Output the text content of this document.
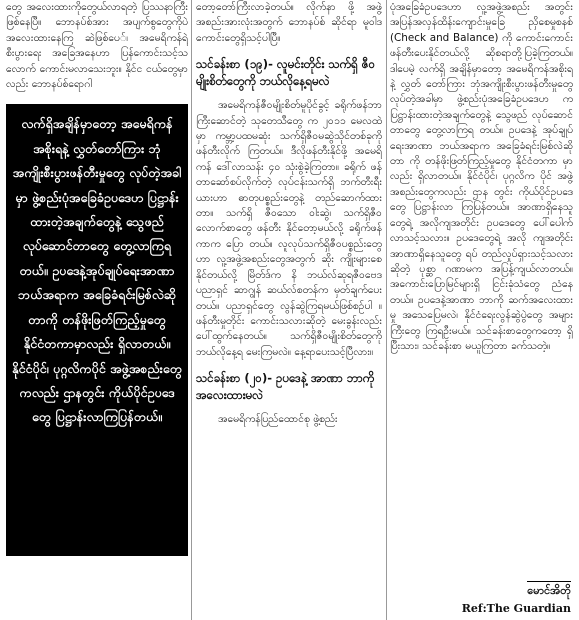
တွေ အလေးထားကိုတွေယ်လာရတဲ့ ပြဿနာကြီးဖြစ်နေပြီ။ ဘောနပ်စ်အား အပျက်စွတွေကိုပဲ အလေးထားနေကြ ဆဲဖြစ်ပေ်၊ အမေရိကန်ရဲ့ စီးပွားရေး အခြေအနေဟာ ပြန်ကောင်းသင့်သ လောက် ကောင်းမလာသေးဘူး။ နိုင်င ငယ်တွေမှာလည်း ဘောနပ်စ်ရောဂါ

လက်ရှိအချိန်မှာတော့ အမေရိကန်အစိုးရနဲ့ လွှတ်တော်ကြား ဘုံအကျိုးစီးပွားဖန်တီးမှုတွေ လုပ်တဲ့အခါမှာ ဖွဲ့စည်းပုံအခြေခံဥပဒေဟ ပြဋ္ဌာန်းထားတဲ့အချက်တွေနဲ့ သွေဖည်လုပ်ဆောင်တာတွေ တွေ့လာကြရတယ်။ ဥပဒေနဲ့အုပ်ချုပ်ရေးအာဏာ ဘယ်အရာက အခြေခံရင်းမြစ်လဲဆိုတာကို တန်ဖိုးဖြတ်ကြည့်မှုတွေ နိုင်ငံတကာမှာလည်း ရှိလာတယ်။ နိုင်ငံပိုင်၊ ပုဂ္ဂလိကပိုင် အဖွဲ့အစည်းတွေကလည်း ဌာနတွင်း ကိုယ်ပိုင်ဥပဒေတွေ ပြဋ္ဌာန်းလာကြပြန်တယ်။

တော့တော်ကြီးလာခဲ့တယ်။ လိုက်နာ ဖို့ အဖွဲ့အစည်းအားလုံးအတွက် ဘောနပ်စ် ဆိုင်ရာ မူဝါဒကောင်းတွေရှိသင့်ပါပြီ။

သင်ခန်းစာ (၁၉)- လူမင်းတိုင်း သက်ရှိ ဇီဝမျိုးစိတ်တွေကို ဘယ်လိုနေ့ရမလဲ

အမေရိကန်ဇီဝမျိုးစိတ်မူပိုင်ခွင့် ခရိုက်ဖန်ဘာကြီးဆောင်တဲ့ သုတေသီတွေ က ၂၀၁၁ မေလထဲမှာ ကမ္ဘာ့ပထမဆုံး သက်ရှိဇီဝမဆွဲသိုင်တစ်ခုကို ဖန်တီးလိုက် ကြတယ်။ ဒီလိုဖန်တီးနိုင်ဖို့ အမေရိကန် ဒေါ်လာသန်း ၄၀ သုံးစွဲခဲ့ကြတာ။ ခရိုက် ဖန်တာဆော်စပ်လိုက်တဲ့ လုပ်ငန်းသက်ရှိ ဘက်တီးရီးယားဟာ ဓာတုပစ္စည်းတွေနဲ့ တည်ဆောက်ထားတာ။ သက်ရှိ ဇီဝသော ဝါးဆွဲ၊ သက်ရှိဇီဝလောက်စာတွေ ဖန်တီး နိုင်တော့မယ်လို့ ခရိုက်ဖန်ကာက ပြော တယ်။ လူလုပ်သက်ရှိဇီဝပစ္စည်းတွေ ဟာ လူ့အဖွဲ့အစည်းတွေအတွက် ဆိုး ကျိုးများစေနိုင်တယ်လို့ မြိတ်ဒ်က နိ ဘယ်လ်ဆုရဇီဝဗေဒပညာရှင် ဆာဂျွန် ဆယ်လ်စတန်က မှတ်ချက်ပေးတယ်။ ပညာရှင်တွေ လွန်ဆွဲကြရမယ်ဖြစ်စဉ်ပါ ။ ဖန်တီးမှုတိုင်း ကောင်းသလားဆိုတဲ့ မေးခွန်းလည်း ပေါ်ထွက်နေတယ်။ သက်ရှိဇီဝမျိုးစိတ်တွေကို ဘယ်လိုနေ့ရ မေးကြမလဲ။ နေ့ရာပေးသင့်ပြီလား။

သင်ခန်းစာ (၂၀)- ဥပဒေနဲ့ အာဏာ ဘာကိုအလေးထားမလဲ

အမေရိကန်ပြည်ထောင်စု ဖွဲ့စည်း

ပုံအခြေခံဥပဒေဟာ လူ့အဖွဲ့အစည်း အတွင်း အပြန်အလှန်ထိန်းကျောင်းမှုခြေ ညှိစေမှုစနစ် (Check and Balance) ကို ကောင်းကောင်းဖန်တီးပေးနိုင်တယ်လို့ ဆိုစရာတို့ပြခဲ့ကြတယ်။ ဒါပေမဲ့ လက်ရှိ အချိန်မှာတော့ အမေရိကန်အစိုးရနဲ့ လွှတ် တော်ကြား ဘုံအကျိုးစီးပွားဖန်တီးမှုတွေ လုပ်တဲ့အခါမှာ ဖွဲ့စည်းပုံအခြေခံဥပဒေဟ က ပြဋ္ဌာန်းထားတဲ့အချက်တွေနဲ့ သွေဖည် လုပ်ဆောင်တာတွေ တွေ့လာကြရ တယ်။ ဥပဒေနဲ့ အုပ်ချုပ်ရေးအာဏာ ဘယ်အရာက အခြေခံရင်းမြစ်လဲဆိုတာ ကို တန်ဖိုးဖြတ်ကြည့်မှုတွေ နိုင်ငံတကာ မှာလည်း ရှိလာတယ်။ နိုင်ငံပိုင်၊ ပုဂ္ဂလိက ပိုင် အဖွဲ့အစည်းတွေကလည်း ဌာန တွင်း ကိုယ်ပိုင်ဥပဒေတွေ ပြဋ္ဌာန်းလာ ကြပြန်တယ်။ အာဏာရှိနေသူတွေရဲ့ အလိုကျအတိုင်း ဥပဒေတွေ ပေါ်ပေါက် လာသင့်သလား။ ဥပဒေတွေရဲ့ အလို ကျအတိုင်း အာဏာရှိနေသူတွေ ရပ် တည်လှုပ်ရှားသင့်သလားဆိုတဲ့ ပုစ္ဆာ ဂဏာမက အပြန့်ကျယ်လာတယ်။ အကောင်းပြောမြင်များရှိ ငြင်းခုံသံတွေ ညံနေတယ်။ ဥပဒေနဲ့အာဏာ ဘာကို ဆက်အလေးထားမှု အသေပြေမလဲ၊ နိုင်ငံရေးလွန်ဆွဲပွဲတွေ အများကြီးတွေ ကြရဦးမယ်။ သင်ခန်းစာတွေကတော့ ရှိပြီးသား၊ သင်ခန်းစာ မယူကြတာ ခက်သတဲ့။

မောင်အိတို
Ref:The Guardian
